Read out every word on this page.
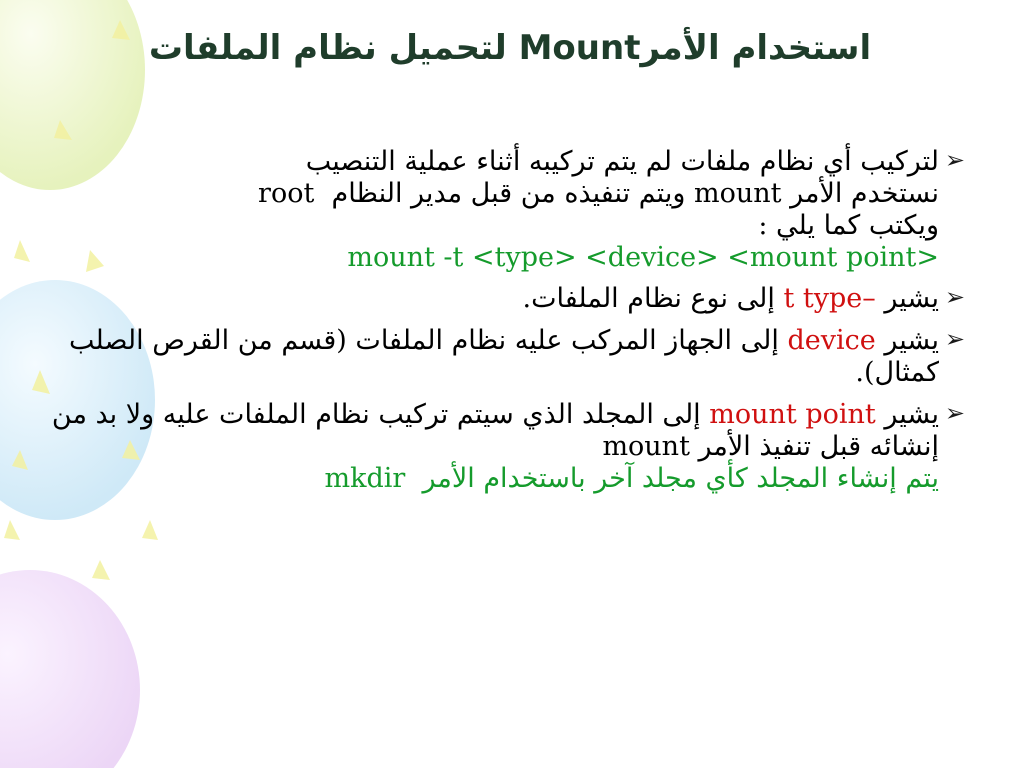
استخدام الأمرMount لتحميل نظام الملفات
➢
لتركيب أي نظام ملفات لم يتم تركيبه أثناء عملية التنصيب
نستخدم الأمر mount ويتم تنفيذه من قبل مدير النظام  root
ويكتب كما يلي :
mount -t <type> <device> <mount point>
➢
يشير t type– إلى نوع نظام الملفات.
➢
يشير device إلى الجهاز المركب عليه نظام الملفات (قسم من القرص الصلب كمثال).
➢
يشير mount point إلى المجلد الذي سيتم تركيب نظام الملفات عليه ولا بد من إنشائه قبل تنفيذ الأمر mount
يتم إنشاء المجلد كأي مجلد آخر باستخدام الأمر  mkdir
